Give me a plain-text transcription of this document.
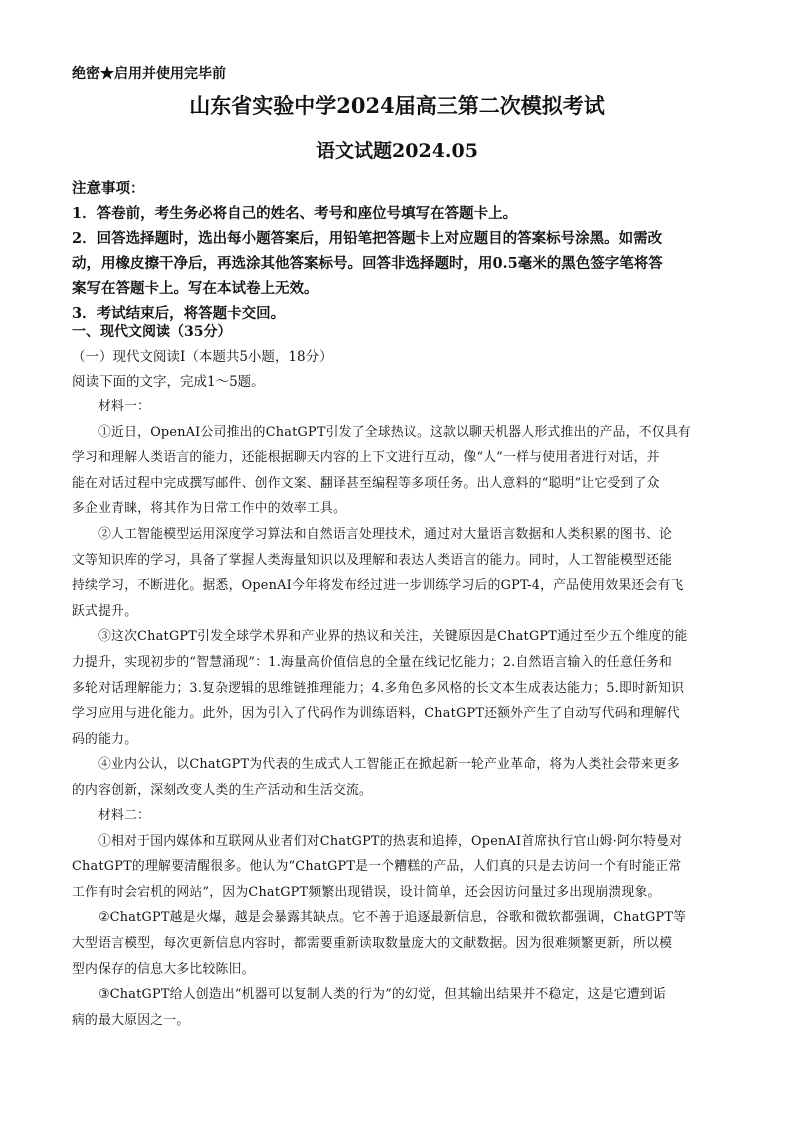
绝密★启用并使用完毕前
山东省实验中学2024届高三第二次模拟考试
语文试题2024.05
注意事项：
1．答卷前，考生务必将自己的姓名、考号和座位号填写在答题卡上。
2．回答选择题时，选出每小题答案后，用铅笔把答题卡上对应题目的答案标号涂黑。如需改
动，用橡皮擦干净后，再选涂其他答案标号。回答非选择题时，用0.5毫米的黑色签字笔将答
案写在答题卡上。写在本试卷上无效。
3．考试结束后，将答题卡交回。
一、现代文阅读（35分）
（一）现代文阅读Ⅰ（本题共5小题，18分）
阅读下面的文字，完成1～5题。
材料一：
①近日，OpenAI公司推出的ChatGPT引发了全球热议。这款以聊天机器人形式推出的产品，不仅具有
学习和理解人类语言的能力，还能根据聊天内容的上下文进行互动，像“人”一样与使用者进行对话，并
能在对话过程中完成撰写邮件、创作文案、翻译甚至编程等多项任务。出人意料的“聪明”让它受到了众
多企业青睐，将其作为日常工作中的效率工具。
②人工智能模型运用深度学习算法和自然语言处理技术，通过对大量语言数据和人类积累的图书、论
文等知识库的学习，具备了掌握人类海量知识以及理解和表达人类语言的能力。同时，人工智能模型还能
持续学习，不断进化。据悉，OpenAI今年将发布经过进一步训练学习后的GPT-4，产品使用效果还会有飞
跃式提升。
③这次ChatGPT引发全球学术界和产业界的热议和关注，关键原因是ChatGPT通过至少五个维度的能
力提升，实现初步的“智慧涌现”：1.海量高价值信息的全量在线记忆能力；2.自然语言输入的任意任务和
多轮对话理解能力；3.复杂逻辑的思维链推理能力；4.多角色多风格的长文本生成表达能力；5.即时新知识
学习应用与进化能力。此外，因为引入了代码作为训练语料，ChatGPT还额外产生了自动写代码和理解代
码的能力。
④业内公认，以ChatGPT为代表的生成式人工智能正在掀起新一轮产业革命，将为人类社会带来更多
的内容创新，深刻改变人类的生产活动和生活交流。
材料二：
①相对于国内媒体和互联网从业者们对ChatGPT的热衷和追捧，OpenAI首席执行官山姆·阿尔特曼对
ChatGPT的理解要清醒很多。他认为“ChatGPT是一个糟糕的产品，人们真的只是去访问一个有时能正常
工作有时会宕机的网站”，因为ChatGPT频繁出现错误，设计简单，还会因访问量过多出现崩溃现象。
②ChatGPT越是火爆，越是会暴露其缺点。它不善于追逐最新信息，谷歌和微软都强调，ChatGPT等
大型语言模型，每次更新信息内容时，都需要重新读取数量庞大的文献数据。因为很难频繁更新，所以模
型内保存的信息大多比较陈旧。
③ChatGPT给人创造出“机器可以复制人类的行为”的幻觉，但其输出结果并不稳定，这是它遭到诟
病的最大原因之一。
